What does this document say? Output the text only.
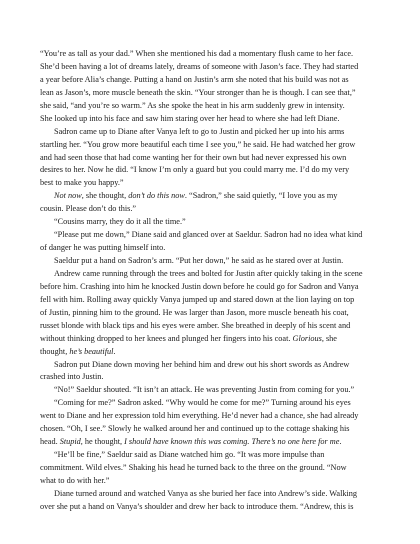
“You’re as tall as your dad.” When she mentioned his dad a momentary flush came to her face.
She’d been having a lot of dreams lately, dreams of someone with Jason’s face. They had started
a year before Alia’s change. Putting a hand on Justin’s arm she noted that his build was not as
lean as Jason’s, more muscle beneath the skin. “Your stronger than he is though. I can see that,”
she said, “and you’re so warm.” As she spoke the heat in his arm suddenly grew in intensity.
She looked up into his face and saw him staring over her head to where she had left Diane.
Sadron came up to Diane after Vanya left to go to Justin and picked her up into his arms
startling her. “You grow more beautiful each time I see you,” he said. He had watched her grow
and had seen those that had come wanting her for their own but had never expressed his own
desires to her. Now he did. “I know I’m only a guard but you could marry me. I’d do my very
best to make you happy.”
Not now, she thought, don’t do this now. “Sadron,” she said quietly, “I love you as my
cousin. Please don’t do this.”
“Cousins marry, they do it all the time.”
“Please put me down,” Diane said and glanced over at Saeldur. Sadron had no idea what kind
of danger he was putting himself into.
Saeldur put a hand on Sadron’s arm. “Put her down,” he said as he stared over at Justin.
Andrew came running through the trees and bolted for Justin after quickly taking in the scene
before him. Crashing into him he knocked Justin down before he could go for Sadron and Vanya
fell with him. Rolling away quickly Vanya jumped up and stared down at the lion laying on top
of Justin, pinning him to the ground. He was larger than Jason, more muscle beneath his coat,
russet blonde with black tips and his eyes were amber. She breathed in deeply of his scent and
without thinking dropped to her knees and plunged her fingers into his coat. Glorious, she
thought, he’s beautiful.
Sadron put Diane down moving her behind him and drew out his short swords as Andrew
crashed into Justin.
“No!” Saeldur shouted. “It isn’t an attack. He was preventing Justin from coming for you.”
“Coming for me?” Sadron asked. “Why would he come for me?” Turning around his eyes
went to Diane and her expression told him everything. He’d never had a chance, she had already
chosen. “Oh, I see.” Slowly he walked around her and continued up to the cottage shaking his
head. Stupid, he thought, I should have known this was coming. There’s no one here for me.
“He’ll be fine,” Saeldur said as Diane watched him go. “It was more impulse than
commitment. Wild elves.” Shaking his head he turned back to the three on the ground. “Now
what to do with her.”
Diane turned around and watched Vanya as she buried her face into Andrew’s side. Walking
over she put a hand on Vanya’s shoulder and drew her back to introduce them. “Andrew, this is
